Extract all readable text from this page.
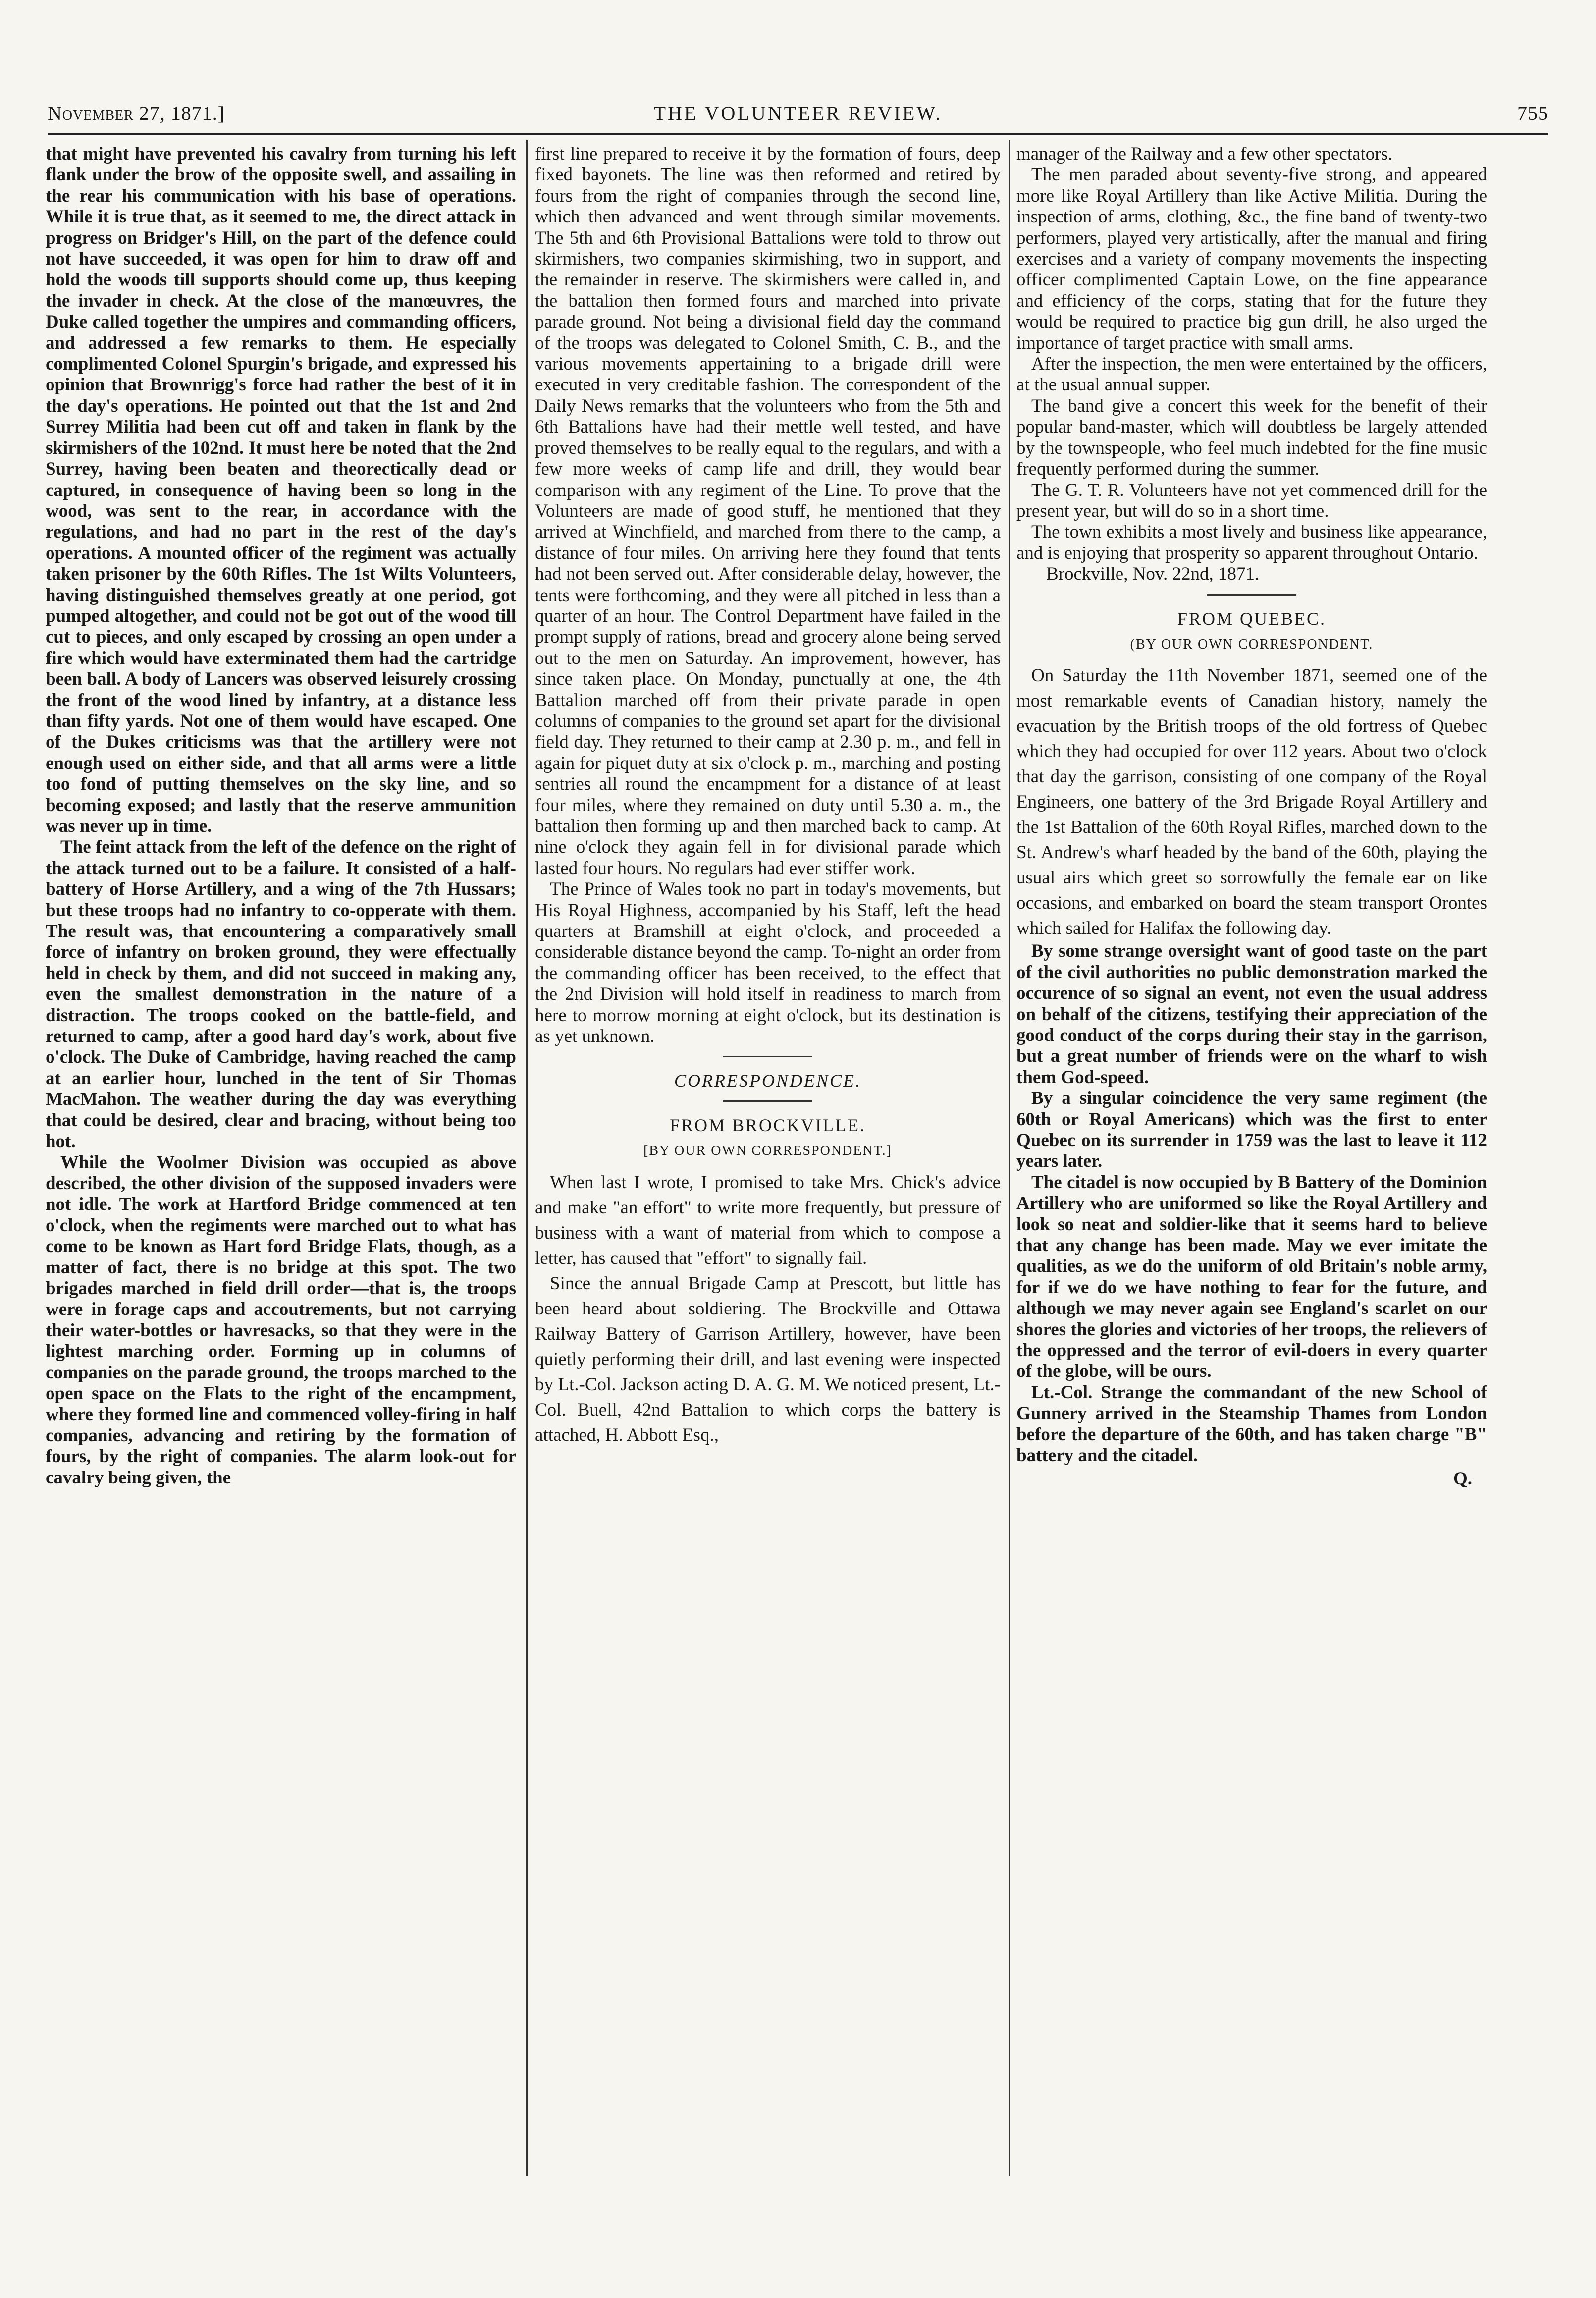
November 27, 1871.]	THE VOLUNTEER REVIEW.	755

that might have prevented his cavalry from turning his left flank under the brow of the opposite swell, and assailing in the rear his communication with his base of operations. While it is true that, as it seemed to me, the direct attack in progress on Bridger's Hill, on the part of the defence could not have succeeded, it was open for him to draw off and hold the woods till supports should come up, thus keeping the invader in check. At the close of the manœuvres, the Duke called together the umpires and commanding officers, and addressed a few remarks to them. He especially complimented Colonel Spurgin's brigade, and expressed his opinion that Brownrigg's force had rather the best of it in the day's operations. He pointed out that the 1st and 2nd Surrey Militia had been cut off and taken in flank by the skirmishers of the 102nd. It must here be noted that the 2nd Surrey, having been beaten and theorectically dead or captured, in consequence of having been so long in the wood, was sent to the rear, in accordance with the regulations, and had no part in the rest of the day's operations. A mounted officer of the regiment was actually taken prisoner by the 60th Rifles. The 1st Wilts Volunteers, having distinguished themselves greatly at one period, got pumped altogether, and could not be got out of the wood till cut to pieces, and only escaped by crossing an open under a fire which would have exterminated them had the cartridge been ball. A body of Lancers was observed leisurely crossing the front of the wood lined by infantry, at a distance less than fifty yards. Not one of them would have escaped. One of the Dukes criticisms was that the artillery were not enough used on either side, and that all arms were a little too fond of putting themselves on the sky line, and so becoming exposed; and lastly that the reserve ammunition was never up in time.

The feint attack from the left of the defence on the right of the attack turned out to be a failure. It consisted of a half-battery of Horse Artillery, and a wing of the 7th Hussars; but these troops had no infantry to co-opperate with them. The result was, that encountering a comparatively small force of infantry on broken ground, they were effectually held in check by them, and did not succeed in making any, even the smallest demonstration in the nature of a distraction. The troops cooked on the battle-field, and returned to camp, after a good hard day's work, about five o'clock. The Duke of Cambridge, having reached the camp at an earlier hour, lunched in the tent of Sir Thomas MacMahon. The weather during the day was everything that could be desired, clear and bracing, without being too hot.

While the Woolmer Division was occupied as above described, the other division of the supposed invaders were not idle. The work at Hartford Bridge commenced at ten o'clock, when the regiments were marched out to what has come to be known as Hart ford Bridge Flats, though, as a matter of fact, there is no bridge at this spot. The two brigades marched in field drill order—that is, the troops were in forage caps and accoutrements, but not carrying their water-bottles or havresacks, so that they were in the lightest marching order. Forming up in columns of companies on the parade ground, the troops marched to the open space on the Flats to the right of the encampment, where they formed line and commenced volley-firing in half companies, advancing and retiring by the formation of fours, by the right of companies. The alarm look-out for cavalry being given, the

first line prepared to receive it by the formation of fours, deep fixed bayonets. The line was then reformed and retired by fours from the right of companies through the second line, which then advanced and went through similar movements. The 5th and 6th Provisional Battalions were told to throw out skirmishers, two companies skirmishing, two in support, and the remainder in reserve. The skirmishers were called in, and the battalion then formed fours and marched into private parade ground. Not being a divisional field day the command of the troops was delegated to Colonel Smith, C. B., and the various movements appertaining to a brigade drill were executed in very creditable fashion. The correspondent of the Daily News remarks that the volunteers who from the 5th and 6th Battalions have had their mettle well tested, and have proved themselves to be really equal to the regulars, and with a few more weeks of camp life and drill, they would bear comparison with any regiment of the Line. To prove that the Volunteers are made of good stuff, he mentioned that they arrived at Winchfield, and marched from there to the camp, a distance of four miles. On arriving here they found that tents had not been served out. After considerable delay, however, the tents were forthcoming, and they were all pitched in less than a quarter of an hour. The Control Department have failed in the prompt supply of rations, bread and grocery alone being served out to the men on Saturday. An improvement, however, has since taken place. On Monday, punctually at one, the 4th Battalion marched off from their private parade in open columns of companies to the ground set apart for the divisional field day. They returned to their camp at 2.30 p. m., and fell in again for piquet duty at six o'clock p. m., marching and posting sentries all round the encampment for a distance of at least four miles, where they remained on duty until 5.30 a. m., the battalion then forming up and then marched back to camp. At nine o'clock they again fell in for divisional parade which lasted four hours. No regulars had ever stiffer work.

The Prince of Wales took no part in today's movements, but His Royal Highness, accompanied by his Staff, left the head quarters at Bramshill at eight o'clock, and proceeded a considerable distance beyond the camp. To-night an order from the commanding officer has been received, to the effect that the 2nd Division will hold itself in readiness to march from here to morrow morning at eight o'clock, but its destination is as yet unknown.

CORRESPONDENCE.
FROM BROCKVILLE.
[BY OUR OWN CORRESPONDENT.]

When last I wrote, I promised to take Mrs. Chick's advice and make "an effort" to write more frequently, but pressure of business with a want of material from which to compose a letter, has caused that "effort" to signally fail.

Since the annual Brigade Camp at Prescott, but little has been heard about soldiering. The Brockville and Ottawa Railway Battery of Garrison Artillery, however, have been quietly performing their drill, and last evening were inspected by Lt.-Col. Jackson acting D. A. G. M. We noticed present, Lt.-Col. Buell, 42nd Battalion to which corps the battery is attached, H. Abbott Esq.,

manager of the Railway and a few other spectators.

The men paraded about seventy-five strong, and appeared more like Royal Artillery than like Active Militia. During the inspection of arms, clothing, &c., the fine band of twenty-two performers, played very artistically, after the manual and firing exercises and a variety of company movements the inspecting officer complimented Captain Lowe, on the fine appearance and efficiency of the corps, stating that for the future they would be required to practice big gun drill, he also urged the importance of target practice with small arms.

After the inspection, the men were entertained by the officers, at the usual annual supper.

The band give a concert this week for the benefit of their popular band-master, which will doubtless be largely attended by the townspeople, who feel much indebted for the fine music frequently performed during the summer.

The G. T. R. Volunteers have not yet commenced drill for the present year, but will do so in a short time.

The town exhibits a most lively and business like appearance, and is enjoying that prosperity so apparent throughout Ontario.

Brockville, Nov. 22nd, 1871.

FROM QUEBEC.
(BY OUR OWN CORRESPONDENT.

On Saturday the 11th November 1871, seemed one of the most remarkable events of Canadian history, namely the evacuation by the British troops of the old fortress of Quebec which they had occupied for over 112 years. About two o'clock that day the garrison, consisting of one company of the Royal Engineers, one battery of the 3rd Brigade Royal Artillery and the 1st Battalion of the 60th Royal Rifles, marched down to the St. Andrew's wharf headed by the band of the 60th, playing the usual airs which greet so sorrowfully the female ear on like occasions, and embarked on board the steam transport Orontes which sailed for Halifax the following day.

By some strange oversight want of good taste on the part of the civil authorities no public demonstration marked the occurence of so signal an event, not even the usual address on behalf of the citizens, testifying their appreciation of the good conduct of the corps during their stay in the garrison, but a great number of friends were on the wharf to wish them God-speed.

By a singular coincidence the very same regiment (the 60th or Royal Americans) which was the first to enter Quebec on its surrender in 1759 was the last to leave it 112 years later.

The citadel is now occupied by B Battery of the Dominion Artillery who are uniformed so like the Royal Artillery and look so neat and soldier-like that it seems hard to believe that any change has been made. May we ever imitate the qualities, as we do the uniform of old Britain's noble army, for if we do we have nothing to fear for the future, and although we may never again see England's scarlet on our shores the glories and victories of her troops, the relievers of the oppressed and the terror of evil-doers in every quarter of the globe, will be ours.

Lt.-Col. Strange the commandant of the new School of Gunnery arrived in the Steamship Thames from London before the departure of the 60th, and has taken charge "B" battery and the citadel.

Q.
